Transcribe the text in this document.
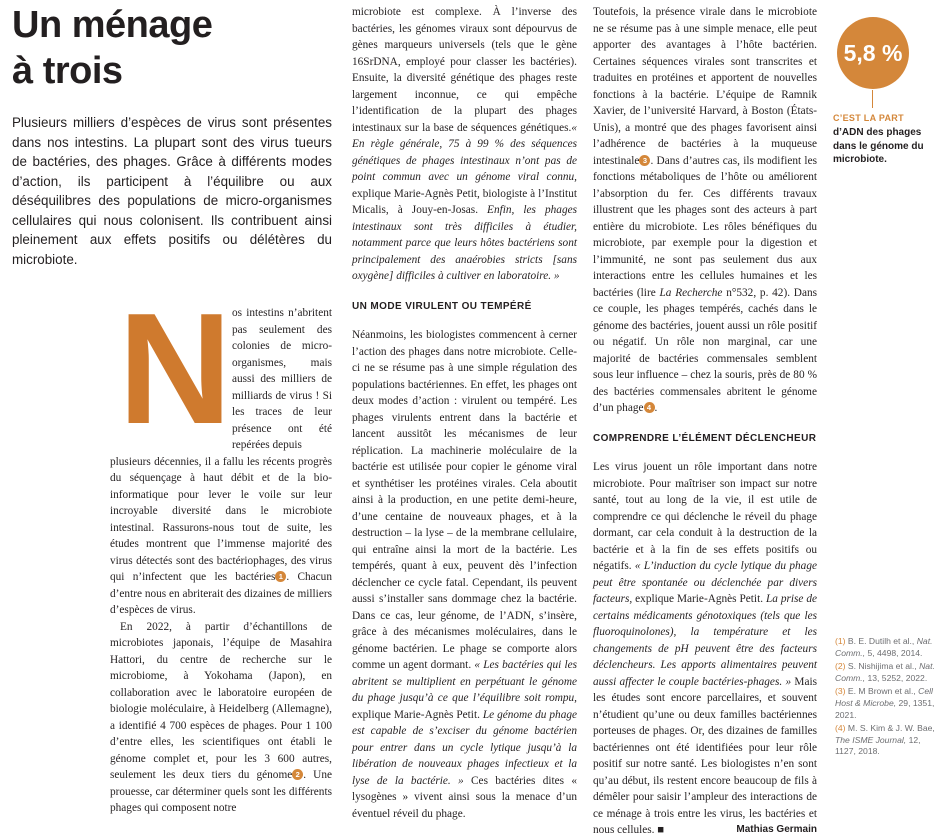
Un ménage
à trois

Plusieurs milliers d’espèces de virus sont présentes dans nos intestins. La plupart sont des virus tueurs de bactéries, des phages. Grâce à différents modes d’action, ils participent à l’équilibre ou aux déséquilibres des populations de micro-organismes cellulaires qui nous colonisent. Ils contribuent ainsi pleinement aux effets positifs ou délétères du microbiote.

N os intestins n’abritent pas seulement des colonies de micro-organismes, mais aussi des milliers de milliards de virus ! Si les traces de leur présence ont été repérées depuis

plusieurs décennies, il a fallu les récents progrès du séquençage à haut débit et de la bio-informatique pour lever le voile sur leur incroyable diversité dans le microbiote intestinal. Rassurons-nous tout de suite, les études montrent que l’immense majorité des virus détectés sont des bactériophages, des virus qui n’infectent que les bactéries 1 . Chacun d’entre nous en abriterait des dizaines de milliers d’espèces de virus.

En 2022, à partir d’échantillons de microbiotes japonais, l’équipe de Masahira Hattori, du centre de recherche sur le microbiome, à Yokohama (Japon), en collaboration avec le laboratoire européen de biologie moléculaire, à Heidelberg (Allemagne), a identifié 4 700 espèces de phages. Pour 1 100 d’entre elles, les scientifiques ont établi le génome complet et, pour les 3 600 autres, seulement les deux tiers du génome 2 . Une prouesse, car déterminer quels sont les différents phages qui composent notre

microbiote est complexe. À l’inverse des bactéries, les génomes viraux sont dépourvus de gènes marqueurs universels (tels que le gène 16SrDNA, employé pour classer les bactéries). Ensuite, la diversité génétique des phages reste largement inconnue, ce qui empêche l’identification de la plupart des phages intestinaux sur la base de séquences génétiques.« En règle générale, 75 à 99 % des séquences génétiques de phages intestinaux n’ont pas de point commun avec un génome viral connu, explique Marie-Agnès Petit, biologiste à l’Institut Micalis, à Jouy-en-Josas. Enfin, les phages intestinaux sont très difficiles à étudier, notamment parce que leurs hôtes bactériens sont principalement des anaérobies stricts [sans oxygène] difficiles à cultiver en laboratoire. »

UN MODE VIRULENT OU TEMPÉRÉ

Néanmoins, les biologistes commencent à cerner l’action des phages dans notre microbiote. Celle-ci ne se résume pas à une simple régulation des populations bactériennes. En effet, les phages ont deux modes d’action : virulent ou tempéré. Les phages virulents entrent dans la bactérie et lancent aussitôt les mécanismes de leur réplication. La machinerie moléculaire de la bactérie est utilisée pour copier le génome viral et synthétiser les protéines virales. Cela aboutit ainsi à la production, en une petite demi-heure, d’une centaine de nouveaux phages, et à la destruction – la lyse – de la membrane cellulaire, qui entraîne ainsi la mort de la bactérie. Les tempérés, quant à eux, peuvent dès l’infection déclencher ce cycle fatal. Cependant, ils peuvent aussi s’installer sans dommage chez la bactérie. Dans ce cas, leur génome, de l’ADN, s’insère, grâce à des mécanismes moléculaires, dans le génome bactérien. Le phage se comporte alors comme un agent dormant. « Les bactéries qui les abritent se multiplient en perpétuant le génome du phage jusqu’à ce que l’équilibre soit rompu, explique Marie-Agnès Petit. Le génome du phage est capable de s’exciser du génome bactérien pour entrer dans un cycle lytique jusqu’à la libération de nouveaux phages infectieux et la lyse de la bactérie. » Ces bactéries dites « lysogènes » vivent ainsi sous la menace d’un éventuel réveil du phage.

Toutefois, la présence virale dans le microbiote ne se résume pas à une simple menace, elle peut apporter des avantages à l’hôte bactérien. Certaines séquences virales sont transcrites et traduites en protéines et apportent de nouvelles fonctions à la bactérie. L’équipe de Ramnik Xavier, de l’université Harvard, à Boston (États-Unis), a montré que des phages favorisent ainsi l’adhérence de bactéries à la muqueuse intestinale 3 . Dans d’autres cas, ils modifient les fonctions métaboliques de l’hôte ou améliorent l’absorption du fer. Ces différents travaux illustrent que les phages sont des acteurs à part entière du microbiote. Les rôles bénéfiques du microbiote, par exemple pour la digestion et l’immunité, ne sont pas seulement dus aux interactions entre les cellules humaines et les bactéries (lire La Recherche n°532, p. 42). Dans ce couple, les phages tempérés, cachés dans le génome des bactéries, jouent aussi un rôle positif ou négatif. Un rôle non marginal, car une majorité de bactéries commensales semblent sous leur influence – chez la souris, près de 80 % des bactéries commensales abritent le génome d’un phage 4 .

COMPRENDRE L’ÉLÉMENT DÉCLENCHEUR

Les virus jouent un rôle important dans notre microbiote. Pour maîtriser son impact sur notre santé, tout au long de la vie, il est utile de comprendre ce qui déclenche le réveil du phage dormant, car cela conduit à la destruction de la bactérie et à la fin de ses effets positifs ou négatifs. « L’induction du cycle lytique du phage peut être spontanée ou déclenchée par divers facteurs, explique Marie-Agnès Petit. La prise de certains médicaments génotoxiques (tels que les fluoroquinolones), la température et les changements de pH peuvent être des facteurs déclencheurs. Les apports alimentaires peuvent aussi affecter le couple bactéries-phages. » Mais les études sont encore parcellaires, et souvent n’étudient qu’une ou deux familles bactériennes porteuses de phages. Or, des dizaines de familles bactériennes ont été identifiées pour leur rôle positif sur notre santé. Les biologistes n’en sont qu’au début, ils restent encore beaucoup de fils à démêler pour saisir l’ampleur des interactions de ce ménage à trois entre les virus, les bactéries et nous cellules. ■	Mathias Germain

5,8 %
C’EST LA PART
d’ADN des phages dans le génome du microbiote.
(1) B. E. Dutilh et al., Nat. Comm., 5, 4498, 2014.
(2) S. Nishijima et al., Nat. Comm., 13, 5252, 2022.
(3) E. M Brown et al., Cell Host & Microbe, 29, 1351, 2021.
(4) M. S. Kim & J. W. Bae, The ISME Journal, 12, 1127, 2018.
